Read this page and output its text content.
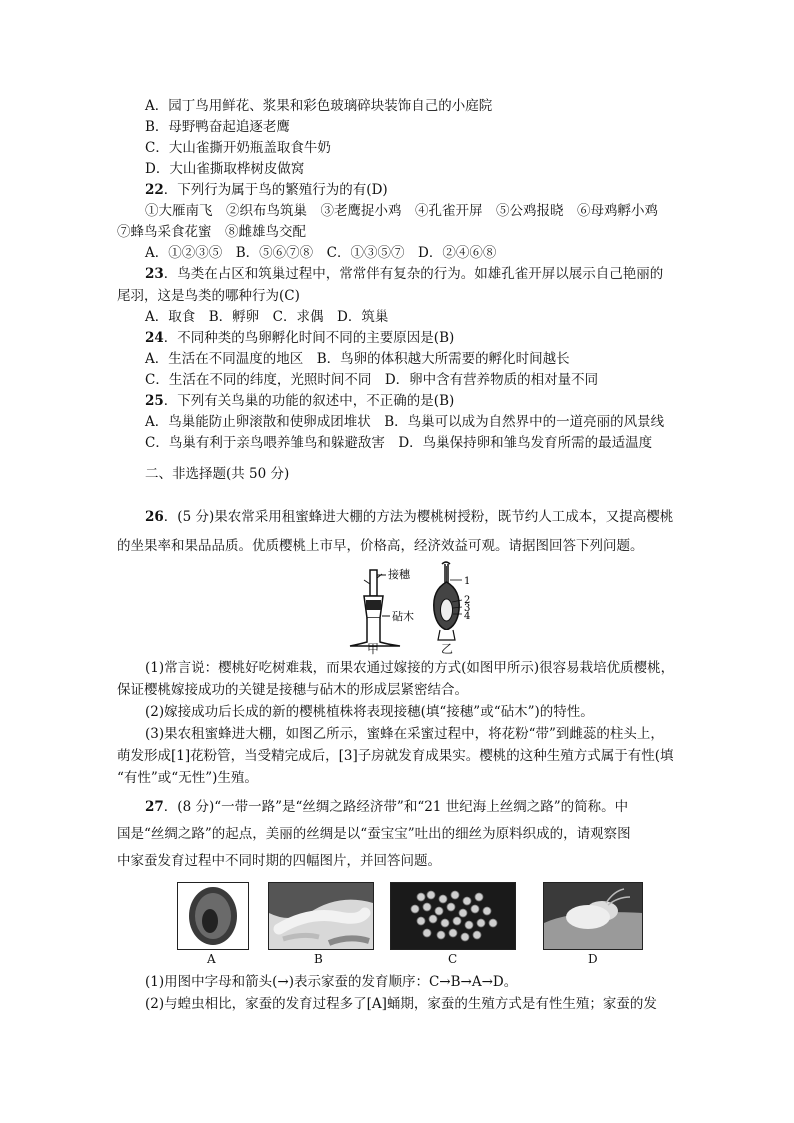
A．园丁鸟用鲜花、浆果和彩色玻璃碎块装饰自己的小庭院
B．母野鸭奋起追逐老鹰
C．大山雀撕开奶瓶盖取食牛奶
D．大山雀撕取桦树皮做窝
22．下列行为属于鸟的繁殖行为的有(D)
①大雁南飞　②织布鸟筑巢　③老鹰捉小鸡　④孔雀开屏　⑤公鸡报晓　⑥母鸡孵小鸡
⑦蜂鸟采食花蜜　⑧雌雄鸟交配
A．①②③⑤　B．⑤⑥⑦⑧　C．①③⑤⑦　D．②④⑥⑧
23．鸟类在占区和筑巢过程中，常常伴有复杂的行为。如雄孔雀开屏以展示自己艳丽的
尾羽，这是鸟类的哪种行为(C)
A．取食　B．孵卵　C．求偶　D．筑巢
24．不同种类的鸟卵孵化时间不同的主要原因是(B)
A．生活在不同温度的地区　B．鸟卵的体积越大所需要的孵化时间越长
C．生活在不同的纬度，光照时间不同　D．卵中含有营养物质的相对量不同
25．下列有关鸟巢的功能的叙述中，不正确的是(B)
A．鸟巢能防止卵滚散和使卵成团堆状　B．鸟巢可以成为自然界中的一道亮丽的风景线
C．鸟巢有利于亲鸟喂养雏鸟和躲避敌害　D．鸟巢保持卵和雏鸟发育所需的最适温度
二、非选择题(共 50 分)
26．(5 分)果农常采用租蜜蜂进大棚的方法为樱桃树授粉，既节约人工成本，又提高樱桃
的坐果率和果品品质。优质樱桃上市早，价格高，经济效益可观。请据图回答下列问题。
接穗
砧木
甲
1
2
3
4
乙
(1)常言说：樱桃好吃树难栽，而果农通过嫁接的方式(如图甲所示)很容易栽培优质樱桃，
保证樱桃嫁接成功的关键是接穗与砧木的形成层紧密结合。
(2)嫁接成功后长成的新的樱桃植株将表现接穗(填“接穗”或“砧木”)的特性。
(3)果农租蜜蜂进大棚，如图乙所示，蜜蜂在采蜜过程中，将花粉“带”到雌蕊的柱头上，
萌发形成[1]花粉管，当受精完成后，[3]子房就发育成果实。樱桃的这种生殖方式属于有性(填
“有性”或“无性”)生殖。
27．(8 分)“一带一路”是“丝绸之路经济带”和“21 世纪海上丝绸之路”的简称。中
国是“丝绸之路”的起点，美丽的丝绸是以“蚕宝宝”吐出的细丝为原料织成的，请观察图
中家蚕发育过程中不同时期的四幅图片，并回答问题。
A	B	C	D
(1)用图中字母和箭头(→)表示家蚕的发育顺序：C→B→A→D。
(2)与蝗虫相比，家蚕的发育过程多了[A]蛹期，家蚕的生殖方式是有性生殖；家蚕的发
